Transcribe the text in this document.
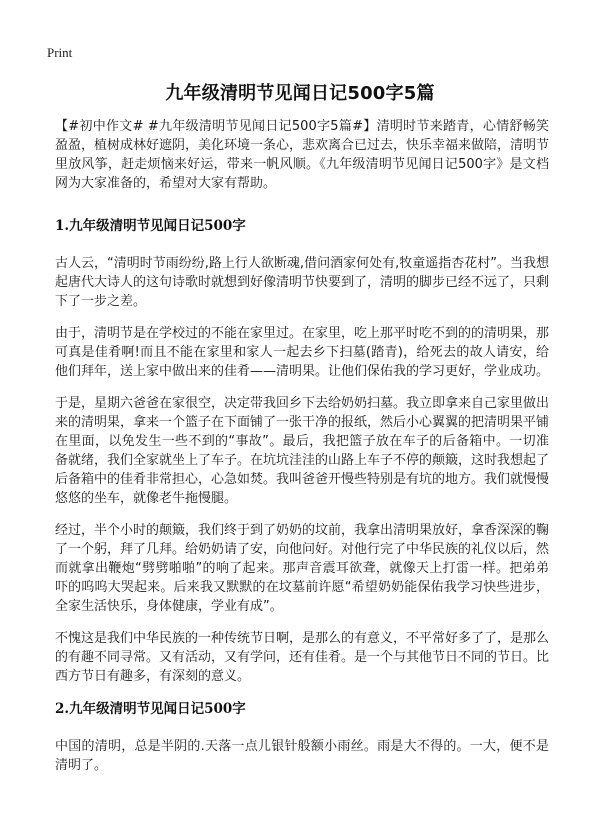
Print
九年级清明节见闻日记500字5篇

【#初中作文# #九年级清明节见闻日记500字5篇#】清明时节来踏青，心情舒畅笑盈盈，植树成林好遮阴，美化环境一条心，悲欢离合已过去，快乐幸福来做陪，清明节里放风筝，赶走烦恼来好运，带来一帆风顺。《九年级清明节见闻日记500字》是文档网为大家准备的，希望对大家有帮助。

1.九年级清明节见闻日记500字

古人云，“清明时节雨纷纷,路上行人欲断魂,借问酒家何处有,牧童遥指杏花村”。当我想起唐代大诗人的这句诗歌时就想到好像清明节快要到了，清明的脚步已经不远了，只剩下了一步之差。

由于，清明节是在学校过的不能在家里过。在家里，吃上那平时吃不到的的清明果，那可真是佳肴啊!而且不能在家里和家人一起去乡下扫墓(踏青)，给死去的故人请安，给他们拜年，送上家中做出来的佳肴——清明果。让他们保佑我的学习更好，学业成功。

于是，星期六爸爸在家很空，决定带我回乡下去给奶奶扫墓。我立即拿来自己家里做出来的清明果，拿来一个篮子在下面铺了一张干净的报纸，然后小心翼翼的把清明果平铺在里面，以免发生一些不到的“事故”。最后，我把篮子放在车子的后备箱中。一切准备就绪，我们全家就坐上了车子。在坑坑洼洼的山路上车子不停的颠簸，这时我想起了后备箱中的佳肴非常担心，心急如焚。我叫爸爸开慢些特别是有坑的地方。我们就慢慢悠悠的坐车，就像老牛拖慢腿。

经过，半个小时的颠簸，我们终于到了奶奶的坟前，我拿出清明果放好，拿香深深的鞠了一个躬，拜了几拜。给奶奶请了安，向他问好。对他行完了中华民族的礼仪以后，然而就拿出鞭炮“劈劈啪啪”的响了起来。那声音震耳欲聋，就像天上打雷一样。把弟弟吓的呜呜大哭起来。后来我又默默的在坟墓前许愿“希望奶奶能保佑我学习快些进步，全家生活快乐，身体健康，学业有成”。

不愧这是我们中华民族的一种传统节日啊，是那么的有意义，不平常好多了了，是那么的有趣不同寻常。又有活动，又有学问，还有佳肴。是一个与其他节日不同的节日。比西方节日有趣多，有深刻的意义。

2.九年级清明节见闻日记500字

中国的清明，总是半阴的.天落一点儿银针般额小雨丝。雨是大不得的。一大，便不是清明了。
